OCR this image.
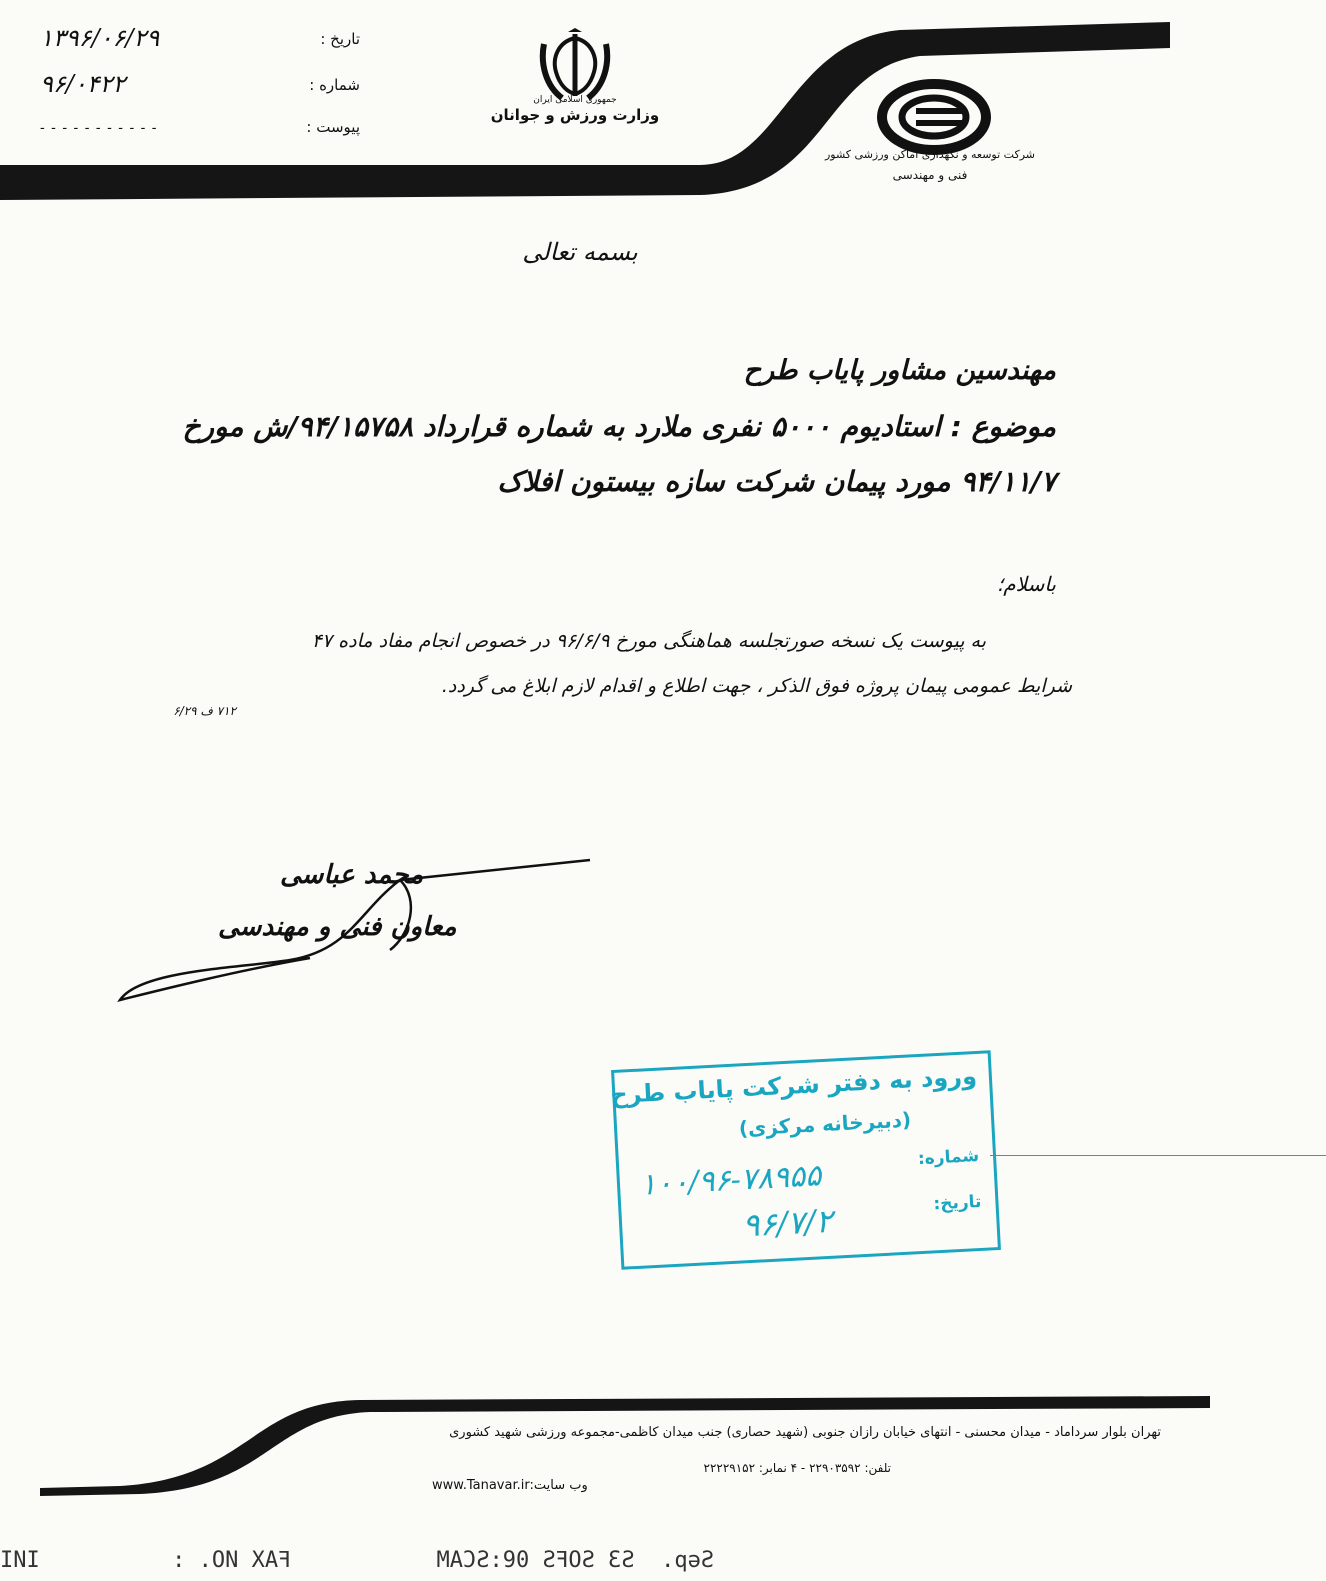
تاریخ :
۱۳۹۶/۰۶/۲۹
شماره :
۹۶/۰۴۲۲
پیوست :
- - - - - - - - - - -
جمهوری اسلامی ایران
وزارت ورزش و جوانان
شرکت توسعه و نگهداری اماکن ورزشی کشور
فنی و مهندسی
بسمه تعالی
مهندسین مشاور پایاب طرح
موضوع : استادیوم ۵۰۰۰ نفری ملارد به شماره قرارداد ۹۴/۱۵۷۵۸/ش مورخ
۹۴/۱۱/۷ مورد پیمان شرکت سازه بیستون افلاک
باسلام؛
به پیوست یک نسخه صورتجلسه هماهنگی مورخ ۹۶/۶/۹ در خصوص انجام مفاد ماده ۴۷
شرایط عمومی پیمان پروژه فوق الذکر ، جهت اطلاع و اقدام لازم ابلاغ می گردد.
۷۱۲ ف ۶/۲۹
محمد عباسی
معاون فنی و مهندسی
ورود به دفتر شرکت پایاب طرح
(دبیرخانه مرکزی)
شماره:
۱۰۰/۹۶-۷۸۹۵۵
تاریخ:
۹۶/۷/۲
تهران بلوار سرداماد - میدان محسنی - انتهای خیابان رازان جنوبی (شهید حصاری) جنب میدان کاظمی-مجموعه ورزشی شهید کشوری
تلفن: ۲۲۹۰۳۵۹۲ - ۴ نمابر: ۲۲۲۲۹۱۵۲
www.Tanavar.ir:وب سایت
INI          : .ON XAꟻ           MAƆƧ:90 ƧꟻOƧ ƐƧ  .qəƧ
